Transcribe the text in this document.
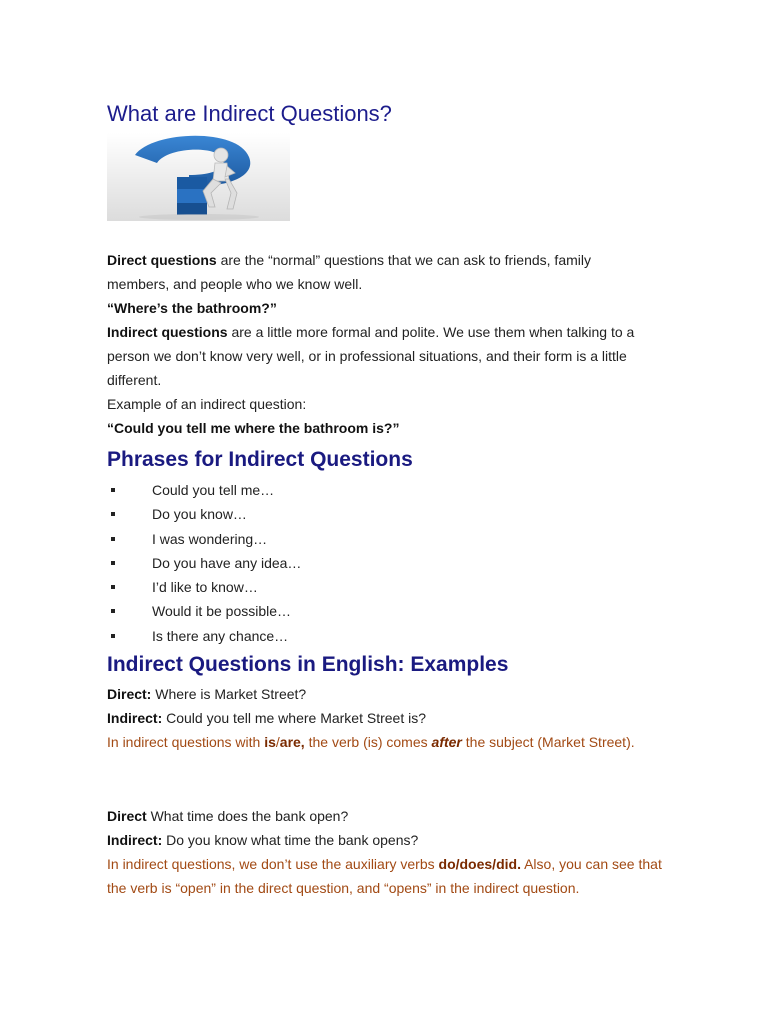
What are Indirect Questions?

Direct questions are the “normal” questions that we can ask to friends, family members, and people who we know well.

“Where’s the bathroom?”

Indirect questions are a little more formal and polite. We use them when talking to a person we don’t know very well, or in professional situations, and their form is a little different.

Example of an indirect question:

“Could you tell me where the bathroom is?”

Phrases for Indirect Questions
Could you tell me…
Do you know…
I was wondering…
Do you have any idea…
I’d like to know…
Would it be possible…
Is there any chance…
Indirect Questions in English: Examples

Direct: Where is Market Street?

Indirect: Could you tell me where Market Street is?

In indirect questions with is/are, the verb (is) comes after the subject (Market Street).

Direct What time does the bank open?

Indirect: Do you know what time the bank opens?

In indirect questions, we don’t use the auxiliary verbs do/does/did. Also, you can see that the verb is “open” in the direct question, and “opens” in the indirect question.
